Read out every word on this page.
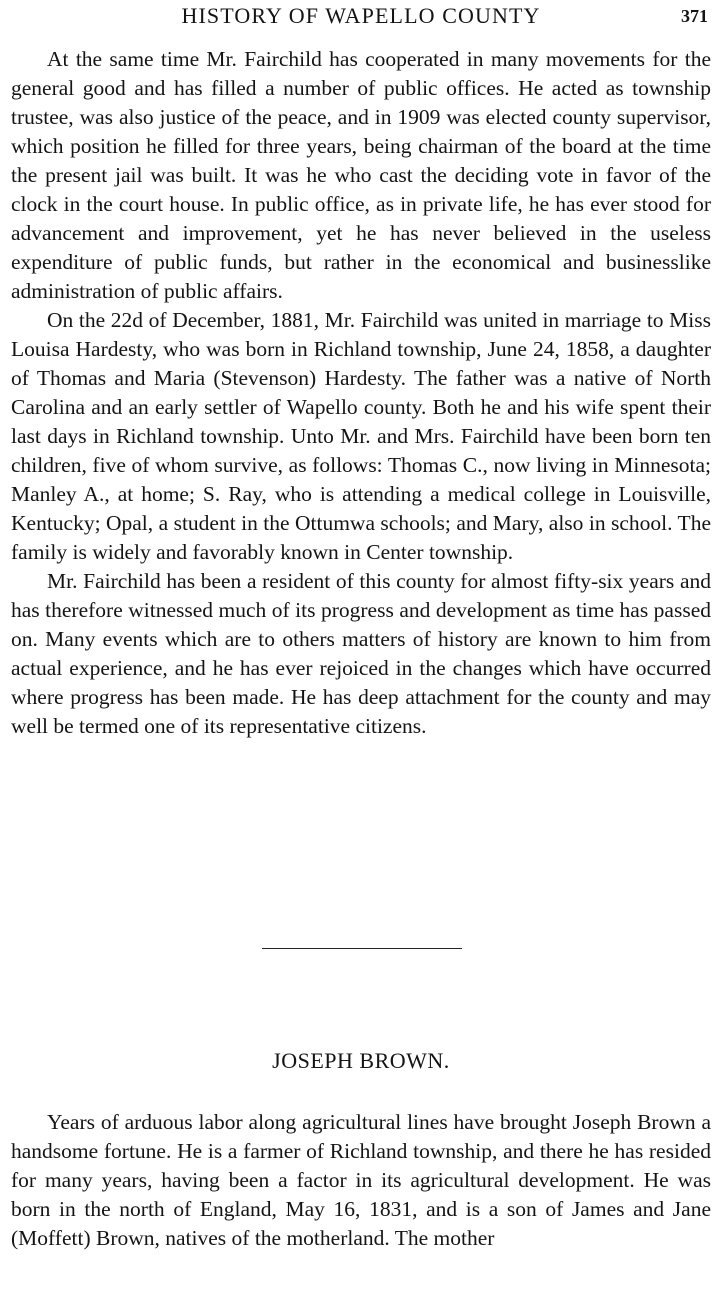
HISTORY OF WAPELLO COUNTY	371

At the same time Mr. Fairchild has cooperated in many movements for the general good and has filled a number of public offices. He acted as township trustee, was also justice of the peace, and in 1909 was elected county supervisor, which position he filled for three years, being chairman of the board at the time the present jail was built. It was he who cast the deciding vote in favor of the clock in the court house. In public office, as in private life, he has ever stood for advancement and improvement, yet he has never believed in the useless expenditure of public funds, but rather in the economical and businesslike administration of public affairs.

On the 22d of December, 1881, Mr. Fairchild was united in marriage to Miss Louisa Hardesty, who was born in Richland township, June 24, 1858, a daughter of Thomas and Maria (Stevenson) Hardesty. The father was a native of North Carolina and an early settler of Wapello county. Both he and his wife spent their last days in Richland township. Unto Mr. and Mrs. Fairchild have been born ten children, five of whom survive, as follows: Thomas C., now living in Minnesota; Manley A., at home; S. Ray, who is attending a medical college in Louisville, Kentucky; Opal, a student in the Ottumwa schools; and Mary, also in school. The family is widely and favorably known in Center township.

Mr. Fairchild has been a resident of this county for almost fifty-six years and has therefore witnessed much of its progress and development as time has passed on. Many events which are to others matters of history are known to him from actual experience, and he has ever rejoiced in the changes which have occurred where progress has been made. He has deep attachment for the county and may well be termed one of its representative citizens.

JOSEPH BROWN.

Years of arduous labor along agricultural lines have brought Joseph Brown a handsome fortune. He is a farmer of Richland township, and there he has resided for many years, having been a factor in its agricultural development. He was born in the north of England, May 16, 1831, and is a son of James and Jane (Moffett) Brown, natives of the motherland. The mother
